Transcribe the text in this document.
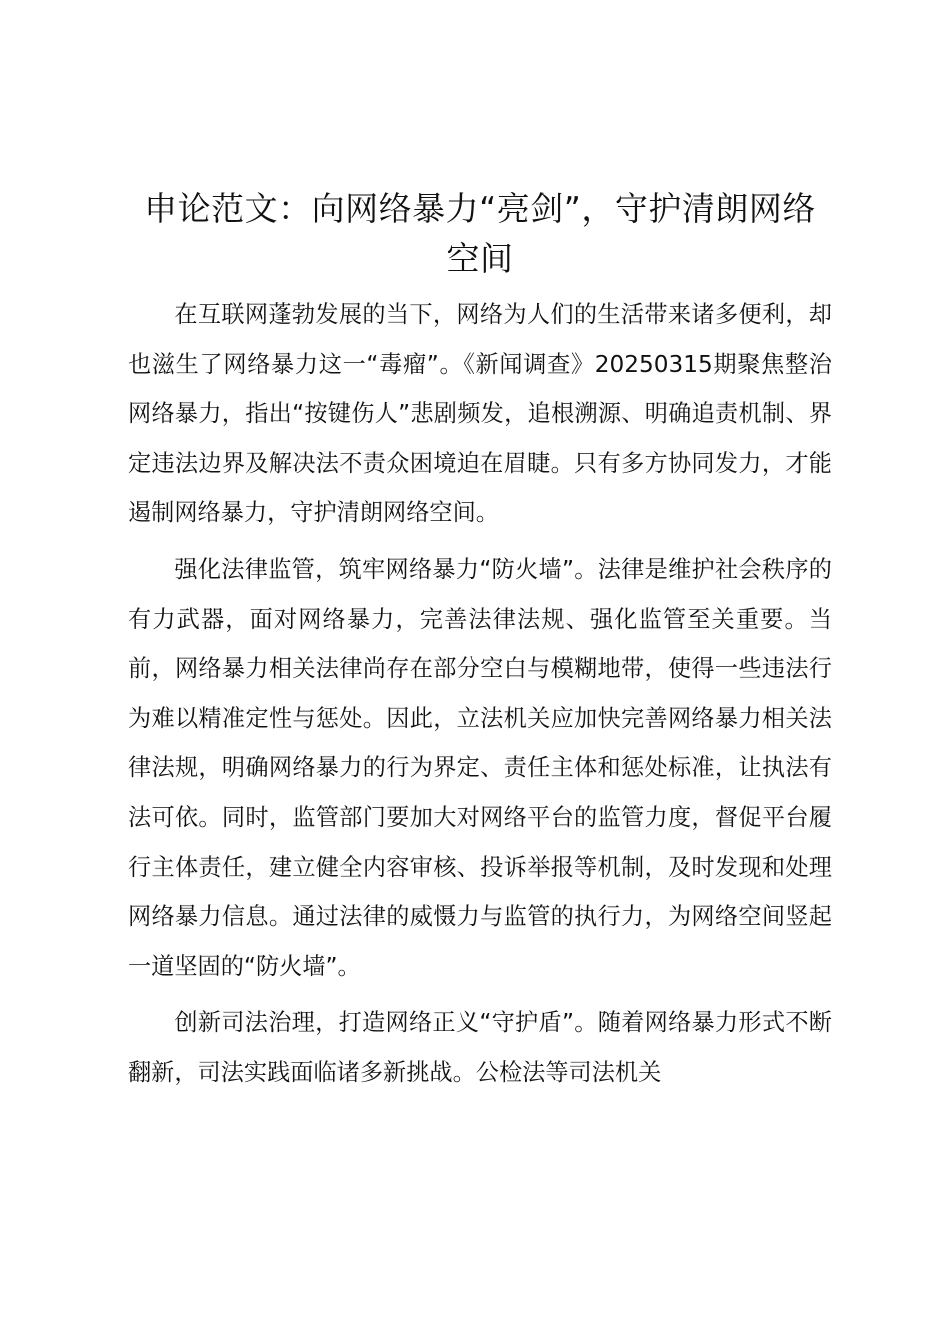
申论范文：向网络暴力“亮剑”，守护清朗网络空间

在互联网蓬勃发展的当下，网络为人们的生活带来诸多便利，却也滋生了网络暴力这一“毒瘤”。《新闻调查》20250315期聚焦整治网络暴力，指出“按键伤人”悲剧频发，追根溯源、明确追责机制、界定违法边界及解决法不责众困境迫在眉睫。只有多方协同发力，才能遏制网络暴力，守护清朗网络空间。

强化法律监管，筑牢网络暴力“防火墙”。法律是维护社会秩序的有力武器，面对网络暴力，完善法律法规、强化监管至关重要。当前，网络暴力相关法律尚存在部分空白与模糊地带，使得一些违法行为难以精准定性与惩处。因此，立法机关应加快完善网络暴力相关法律法规，明确网络暴力的行为界定、责任主体和惩处标准，让执法有法可依。同时，监管部门要加大对网络平台的监管力度，督促平台履行主体责任，建立健全内容审核、投诉举报等机制，及时发现和处理网络暴力信息。通过法律的威慑力与监管的执行力，为网络空间竖起一道坚固的“防火墙”。

创新司法治理，打造网络正义“守护盾”。随着网络暴力形式不断翻新，司法实践面临诸多新挑战。公检法等司法机关
